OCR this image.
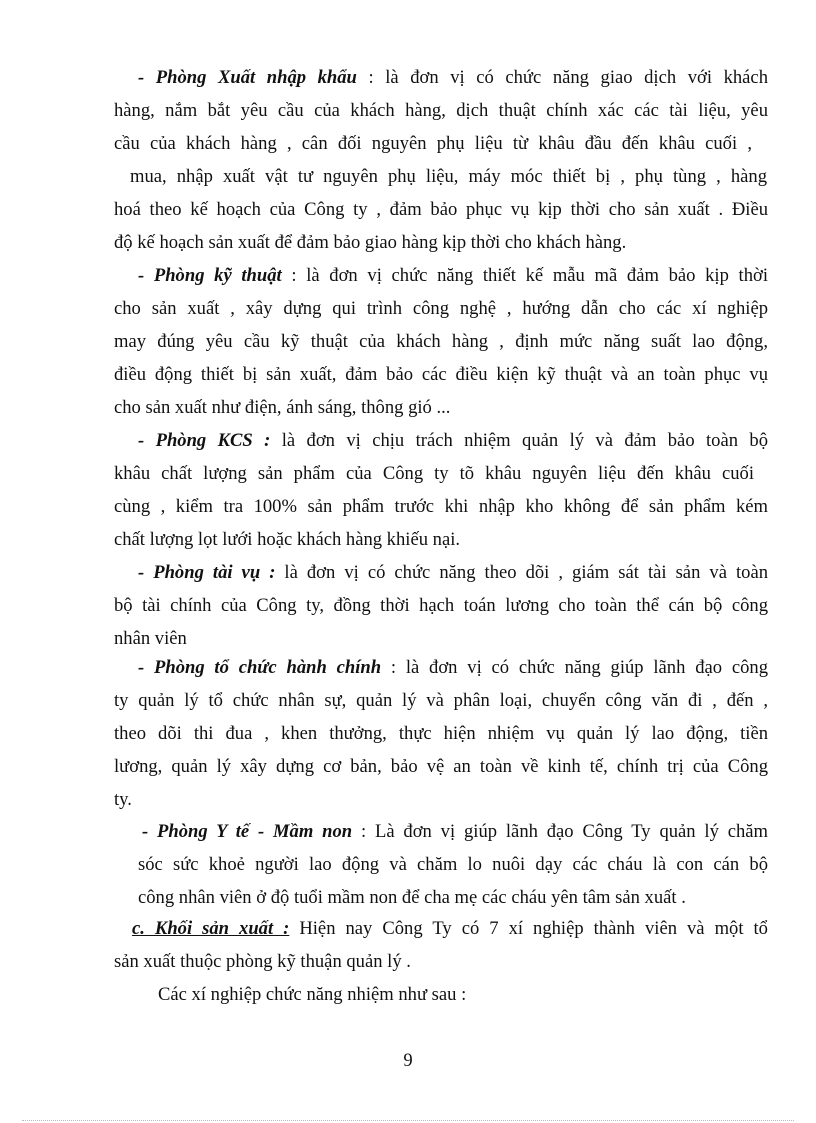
- Phòng Xuất nhập khẩu : là đơn vị có chức năng giao dịch với khách
hàng, nắm bắt yêu cầu của khách hàng, dịch thuật chính xác các tài liệu, yêu
cầu của khách hàng , cân đối nguyên phụ liệu từ khâu đầu đến khâu cuối ,
mua, nhập xuất vật tư nguyên phụ liệu, máy móc thiết bị , phụ tùng , hàng
hoá theo kế hoạch của Công ty , đảm bảo phục vụ kịp thời cho sản xuất . Điều
độ kế hoạch sản xuất để đảm bảo giao hàng kịp thời cho khách hàng.
- Phòng kỹ thuật : là đơn vị chức năng thiết kế mẫu mã đảm bảo kịp thời
cho sản xuất , xây dựng qui trình công nghệ , hướng dẫn cho các xí nghiệp
may đúng yêu cầu kỹ thuật của khách hàng , định mức năng suất lao động,
điều động thiết bị sản xuất, đảm bảo các điều kiện kỹ thuật và an toàn phục vụ
cho sản xuất như điện, ánh sáng, thông gió ...
- Phòng KCS : là đơn vị chịu trách nhiệm quản lý và đảm bảo toàn bộ
khâu chất lượng sản phẩm của Công ty tõ khâu nguyên liệu đến khâu cuối
cùng , kiểm tra 100% sản phẩm trước khi nhập kho không để sản phẩm kém
chất lượng lọt lưới hoặc khách hàng khiếu nại.
- Phòng tài vụ : là đơn vị có chức năng theo dõi , giám sát tài sản và toàn
bộ tài chính của Công ty, đồng thời hạch toán lương cho toàn thể cán bộ công
nhân viên
- Phòng tổ chức hành chính : là đơn vị có chức năng giúp lãnh đạo công
ty quản lý tổ chức nhân sự, quản lý và phân loại, chuyển công văn đi , đến ,
theo dõi thi đua , khen thưởng, thực hiện nhiệm vụ quản lý lao động, tiền
lương, quản lý xây dựng cơ bản, bảo vệ an toàn về kinh tế, chính trị của Công
ty.
- Phòng Y tế - Mầm non : Là đơn vị giúp lãnh đạo Công Ty quản lý chăm
sóc sức khoẻ người lao động và chăm lo nuôi dạy các cháu là con cán bộ
công nhân viên ở độ tuổi mầm non để cha mẹ các cháu yên tâm sản xuất .
c. Khối sản xuất : Hiện nay Công Ty có 7 xí nghiệp thành viên và một tổ
sản xuất thuộc phòng kỹ thuận quản lý .
Các xí nghiệp chức năng nhiệm như sau :
9
